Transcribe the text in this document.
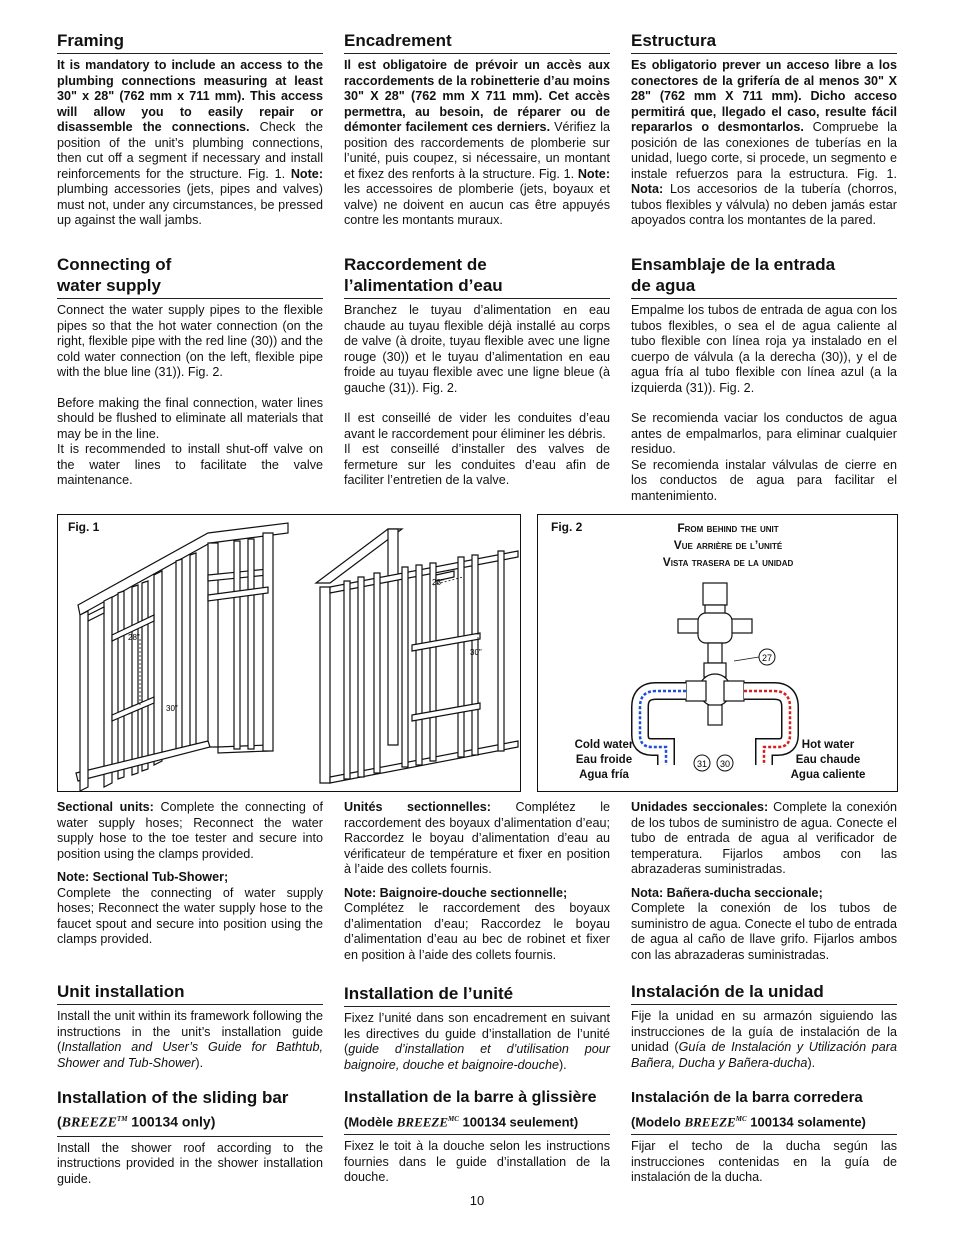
Framing

It is mandatory to include an access to the plumbing connections measuring at least 30" x 28" (762 mm x 711 mm). This access will allow you to easily repair or disassemble the connections. Check the position of the unit’s plumbing connections, then cut off a segment if necessary and install reinforcements for the structure. Fig. 1. Note: plumbing accessories (jets, pipes and valves) must not, under any circumstances, be pressed up against the wall jambs.

Encadrement

Il est obligatoire de prévoir un accès aux raccordements de la robinetterie d’au moins 30" X 28" (762 mm X 711 mm). Cet accès permettra, au besoin, de réparer ou de démonter facilement ces derniers. Vérifiez la position des raccordements de plomberie sur l’unité, puis coupez, si nécessaire, un montant et fixez des renforts à la structure. Fig. 1. Note: les accessoires de plomberie (jets, boyaux et valve) ne doivent en aucun cas être appuyés contre les montants muraux.

Estructura

Es obligatorio prever un acceso libre a los conectores de la grifería de al menos 30" X 28" (762 mm X 711 mm). Dicho acceso permitirá que, llegado el caso, resulte fácil repararlos o desmontarlos. Compruebe la posición de las conexiones de tuberías en la unidad, luego corte, si procede, un segmento e instale refuerzos para la estructura. Fig. 1. Nota: Los accesorios de la tubería (chorros, tubos flexibles y válvula) no deben jamás estar apoyados contra los montantes de la pared.

Connecting of
water supply

Connect the water supply pipes to the flexible pipes so that the hot water connection (on the right, flexible pipe with the red line (30)) and the cold water connection (on the left, flexible pipe with the blue line (31)). Fig. 2.

Before making the final connection, water lines should be flushed to eliminate all materials that may be in the line.

It is recommended to install shut-off valve on the water lines to facilitate the valve maintenance.

Raccordement de
l’alimentation d’eau

Branchez le tuyau d’alimentation en eau chaude au tuyau flexible déjà installé au corps de valve (à droite, tuyau flexible avec une ligne rouge (30)) et le tuyau d’alimentation en eau froide au tuyau flexible avec une ligne bleue (à gauche (31)). Fig. 2.

Il est conseillé de vider les conduites d’eau avant le raccordement pour éliminer les débris.

Il est conseillé d’installer des valves de fermeture sur les conduites d’eau afin de faciliter l’entretien de la valve.

Ensamblaje de la entrada
de agua

Empalme los tubos de entrada de agua con los tubos flexibles, o sea el de agua caliente al tubo flexible con línea roja ya instalado en el cuerpo de válvula (a la derecha (30)), y el de agua fría al tubo flexible con línea azul (a la izquierda (31)). Fig. 2.

Se recomienda vaciar los conductos de agua antes de empalmarlos, para eliminar cualquier residuo.

Se recomienda instalar válvulas de cierre en los conductos de agua para facilitar el mantenimiento.

Fig. 1
28"
30"
28"
30"
Fig. 2	From behind the unit
Vue arrière de l’unité
Vista trasera de la unidad
27
31 30
Cold water
Eau froide
Agua fría
Hot water
Eau chaude
Agua caliente

Sectional units: Complete the connecting of water supply hoses; Reconnect the water supply hose to the toe tester and secure into position using the clamps provided.

Note: Sectional Tub-Shower;
Complete the connecting of water supply hoses; Reconnect the water supply hose to the faucet spout and secure into position using the clamps provided.

Unités sectionnelles: Complétez le raccordement des boyaux d’alimentation d’eau; Raccordez le boyau d’alimentation d’eau au vérificateur de température et fixer en position à l’aide des collets fournis.

Note: Baignoire-douche sectionnelle;
Complétez le raccordement des boyaux d’alimentation d’eau; Raccordez le boyau d’alimentation d’eau au bec de robinet et fixer en position à l’aide des collets fournis.

Unidades seccionales: Complete la conexión de los tubos de suministro de agua. Conecte el tubo de entrada de agua al verificador de temperatura. Fijarlos ambos con las abrazaderas suministradas.

Nota: Bañera-ducha seccionale;
Complete la conexión de los tubos de suministro de agua. Conecte el tubo de entrada de agua al caño de llave grifo. Fijarlos ambos con las abrazaderas suministradas.

Unit installation

Install the unit within its framework following the instructions in the unit’s installation guide (Installation and User’s Guide for Bathtub, Shower and Tub-Shower).

Installation de l’unité

Fixez l’unité dans son encadrement en suivant les directives du guide d’installation de l’unité (guide d’installation et d’utilisation pour baignoire, douche et baignoire-douche).

Instalación de la unidad

Fije la unidad en su armazón siguiendo las instrucciones de la guía de instalación de la unidad (Guía de Instalación y Utilización para Bañera, Ducha y Bañera-ducha).

Installation of the sliding bar
(BREEZE™ 100134 only)

Install the shower roof according to the instructions provided in the shower installation guide.

Installation de la barre à glissière
(Modèle $BREEZE^{MC}$ 100134 seulement)

Fixez le toit à la douche selon les instructions fournies dans le guide d’installation de la douche.

Instalación de la barra corredera
(Modelo $BREEZE^{MC}$ 100134 solamente)

Fijar el techo de la ducha según las instrucciones contenidas en la guía de instalación de la ducha.

10
